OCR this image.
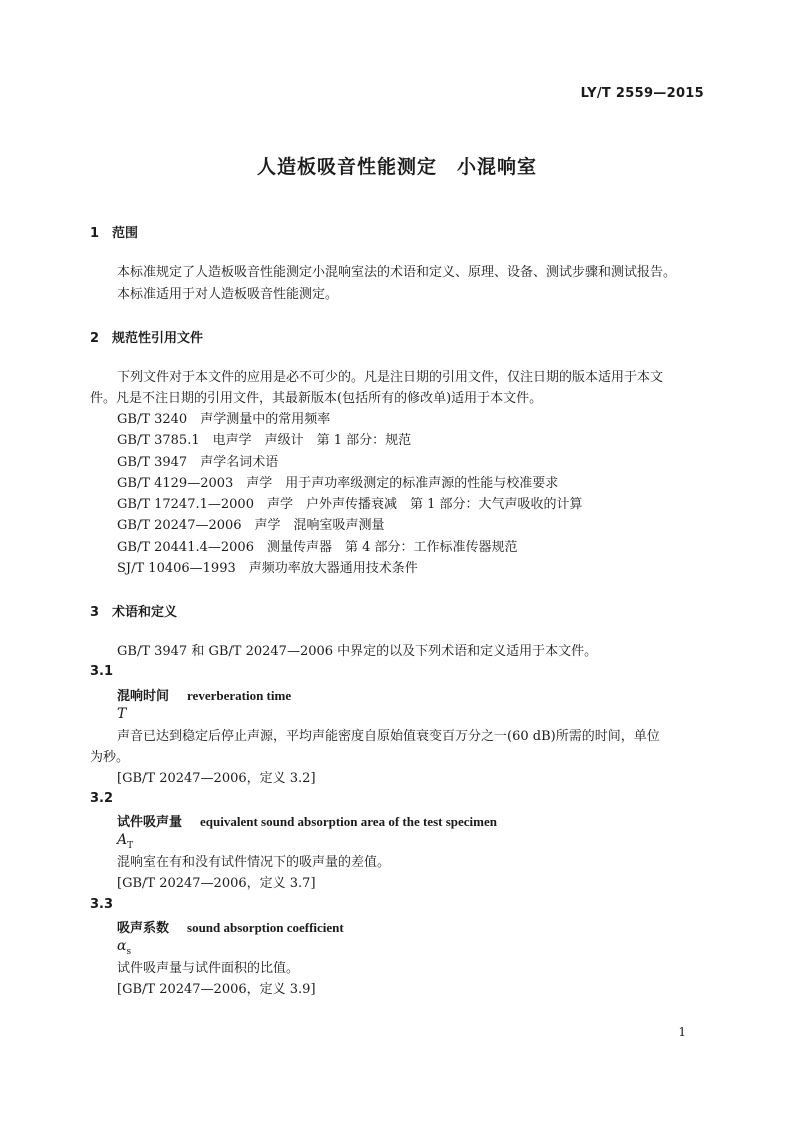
LY/T 2559—2015
人造板吸音性能测定　小混响室
1 范围
本标准规定了人造板吸音性能测定小混响室法的术语和定义、原理、设备、测试步骤和测试报告。
本标准适用于对人造板吸音性能测定。
2 规范性引用文件
下列文件对于本文件的应用是必不可少的。凡是注日期的引用文件，仅注日期的版本适用于本文
件。凡是不注日期的引用文件，其最新版本(包括所有的修改单)适用于本文件。
GB/T 3240　声学测量中的常用频率
GB/T 3785.1　电声学　声级计　第 1 部分：规范
GB/T 3947　声学名词术语
GB/T 4129—2003　声学　用于声功率级测定的标准声源的性能与校准要求
GB/T 17247.1—2000　声学　户外声传播衰减　第 1 部分：大气声吸收的计算
GB/T 20247—2006　声学　混响室吸声测量
GB/T 20441.4—2006　测量传声器　第 4 部分：工作标准传器规范
SJ/T 10406—1993　声频功率放大器通用技术条件
3 术语和定义
GB/T 3947 和 GB/T 20247—2006 中界定的以及下列术语和定义适用于本文件。
3.1
混响时间 reverberation time
T
声音已达到稳定后停止声源，平均声能密度自原始值衰变百万分之一(60 dB)所需的时间，单位
为秒。
[GB/T 20247—2006，定义 3.2]
3.2
试件吸声量 equivalent sound absorption area of the test specimen
$A_T$
混响室在有和没有试件情况下的吸声量的差值。
[GB/T 20247—2006，定义 3.7]
3.3
吸声系数 sound absorption coefficient
$\alpha_s$
试件吸声量与试件面积的比值。
[GB/T 20247—2006，定义 3.9]
1
